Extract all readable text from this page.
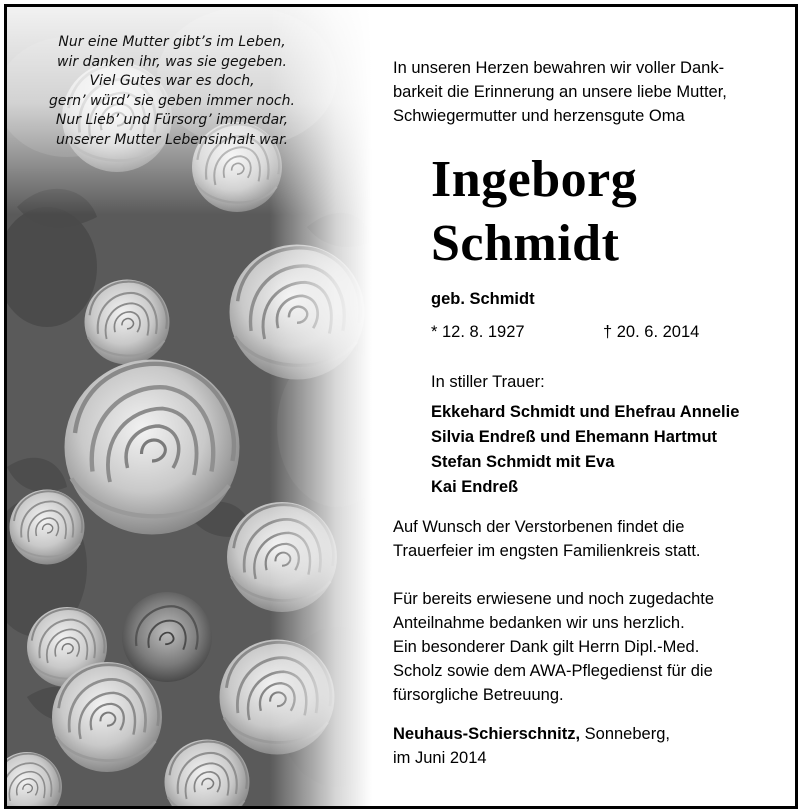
Nur eine Mutter gibt’s im Leben,
wir danken ihr, was sie gegeben.
Viel Gutes war es doch,
gern’ würd’ sie geben immer noch.
Nur Lieb’ und Fürsorg’ immerdar,
unserer Mutter Lebensinhalt war.
In unseren Herzen bewahren wir voller Dank-
barkeit die Erinnerung an unsere liebe Mutter,
Schwiegermutter und herzensgute Oma
Ingeborg
Schmidt
geb. Schmidt
* 12. 8. 1927	† 20. 6. 2014
In stiller Trauer:
Ekkehard Schmidt und Ehefrau Annelie
Silvia Endreß und Ehemann Hartmut
Stefan Schmidt mit Eva
Kai Endreß
Auf Wunsch der Verstorbenen findet die
Trauerfeier im engsten Familienkreis statt.
Für bereits erwiesene und noch zugedachte
Anteilnahme bedanken wir uns herzlich.
Ein besonderer Dank gilt Herrn Dipl.-Med.
Scholz sowie dem AWA-Pflegedienst für die
fürsorgliche Betreuung.
Neuhaus-Schierschnitz, Sonneberg,
im Juni 2014
